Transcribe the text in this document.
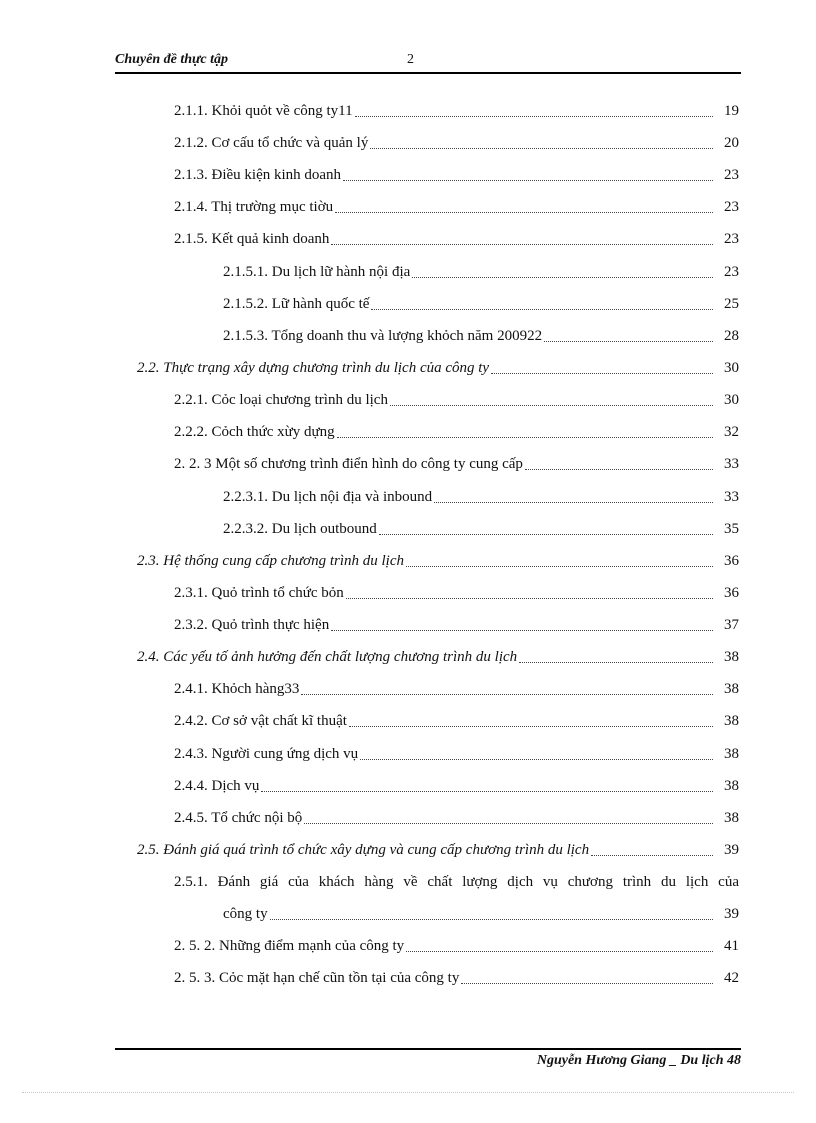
Chuyên đề thực tập	2
2.1.1. Khỏi quỏt về công ty11	19
2.1.2. Cơ cấu tổ chức và quản lý	20
2.1.3. Điều kiện kinh doanh	23
2.1.4. Thị trường mục tiờu	23
2.1.5. Kết quả kinh doanh	23
2.1.5.1. Du lịch lữ hành nội địa	23
2.1.5.2. Lữ hành quốc tế	25
2.1.5.3. Tổng doanh thu và lượng khỏch năm 200922	28
2.2. Thực trạng xây dựng chương trình du lịch của công ty	30
2.2.1. Cỏc loại chương trình du lịch	30
2.2.2. Cỏch thức xừy dựng	32
2. 2. 3 Một số chương trình điển hình do công ty cung cấp	33
2.2.3.1. Du lịch nội địa và inbound	33
2.2.3.2. Du lịch outbound	35
2.3. Hệ thống cung cấp chương trình du lịch	36
2.3.1. Quỏ trình tổ chức bỏn	36
2.3.2. Quỏ trình thực hiện	37
2.4. Các yếu tố ảnh hưởng đến chất lượng chương trình du lịch	38
2.4.1. Khỏch hàng33	38
2.4.2. Cơ sở vật chất kĩ thuật	38
2.4.3. Người cung ứng dịch vụ	38
2.4.4. Dịch vụ	38
2.4.5. Tổ chức nội bộ	38
2.5. Đánh giá quá trình tổ chức xây dựng và cung cấp chương trình du lịch	39
2.5.1. Đánh giá của khách hàng về chất lượng dịch vụ chương trình du lịch của
công ty	39
2. 5. 2. Những điểm mạnh của công ty	41
2. 5. 3. Cỏc mặt hạn chế cũn tồn tại của công ty	42
Nguyễn Hương Giang _ Du lịch 48
